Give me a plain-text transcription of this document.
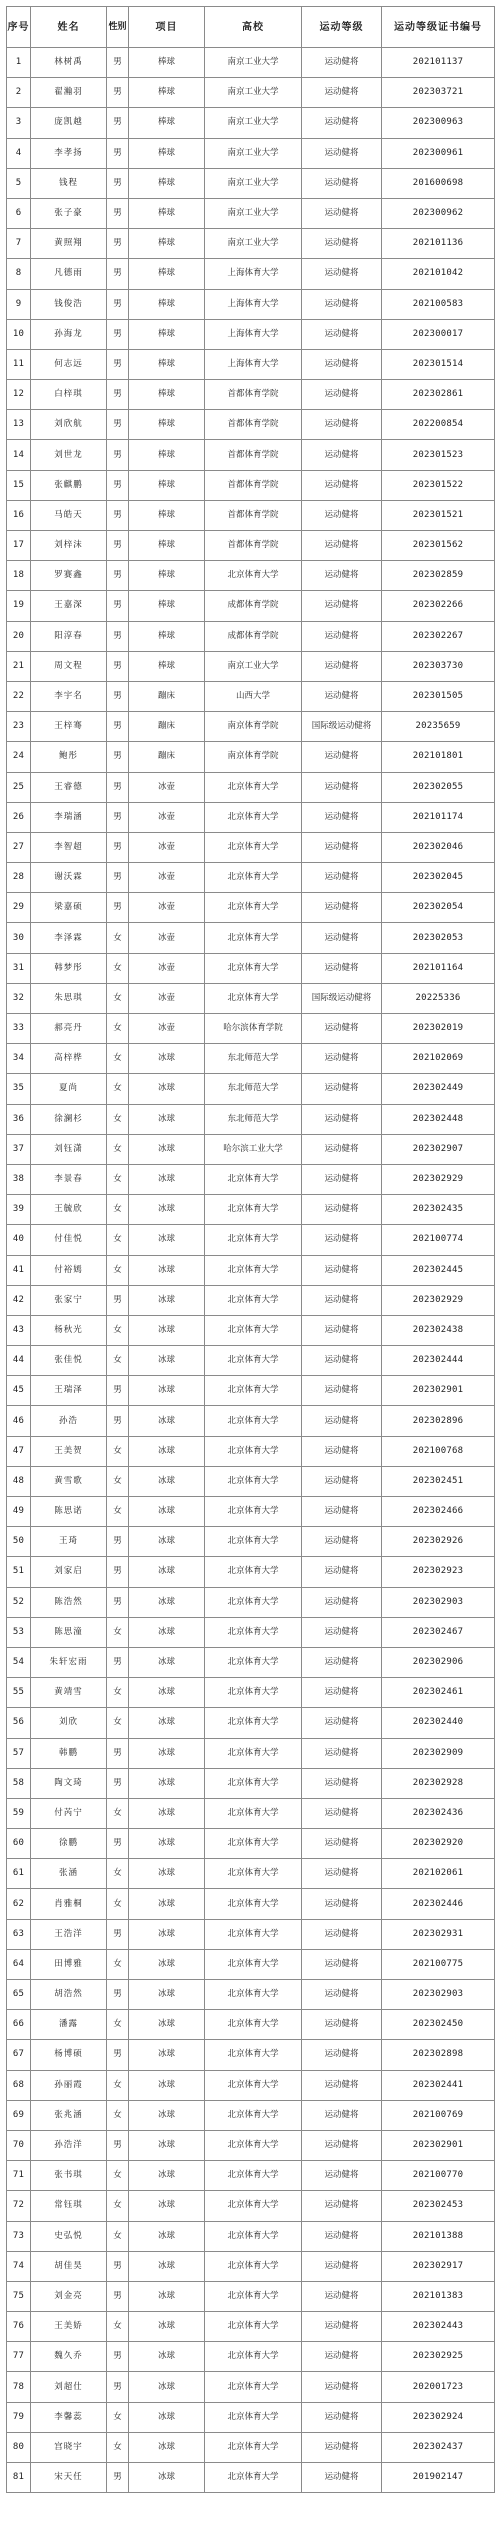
序号	姓名	性别	项目	高校	运动等级	运动等级证书编号
1	林树禹	男	棒球	南京工业大学	运动健将	202101137
2	翟瀚羽	男	棒球	南京工业大学	运动健将	202303721
3	庞凯越	男	棒球	南京工业大学	运动健将	202300963
4	李孝扬	男	棒球	南京工业大学	运动健将	202300961
5	钱程	男	棒球	南京工业大学	运动健将	201600698
6	张子豪	男	棒球	南京工业大学	运动健将	202300962
7	黄照翔	男	棒球	南京工业大学	运动健将	202101136
8	凡德雨	男	棒球	上海体育大学	运动健将	202101042
9	钱俊浩	男	棒球	上海体育大学	运动健将	202100583
10	孙海龙	男	棒球	上海体育大学	运动健将	202300017
11	何志远	男	棒球	上海体育大学	运动健将	202301514
12	白梓琪	男	棒球	首都体育学院	运动健将	202302861
13	刘欣航	男	棒球	首都体育学院	运动健将	202200854
14	刘世龙	男	棒球	首都体育学院	运动健将	202301523
15	张麒鹏	男	棒球	首都体育学院	运动健将	202301522
16	马皓天	男	棒球	首都体育学院	运动健将	202301521
17	刘梓沫	男	棒球	首都体育学院	运动健将	202301562
18	罗赛鑫	男	棒球	北京体育大学	运动健将	202302859
19	王嘉深	男	棒球	成都体育学院	运动健将	202302266
20	阳淳春	男	棒球	成都体育学院	运动健将	202302267
21	周文程	男	棒球	南京工业大学	运动健将	202303730
22	李宇名	男	蹦床	山西大学	运动健将	202301505
23	王梓骞	男	蹦床	南京体育学院	国际级运动健将	20235659
24	鲍彤	男	蹦床	南京体育学院	运动健将	202101801
25	王睿德	男	冰壶	北京体育大学	运动健将	202302055
26	李瑞涵	男	冰壶	北京体育大学	运动健将	202101174
27	李智超	男	冰壶	北京体育大学	运动健将	202302046
28	谢沃霖	男	冰壶	北京体育大学	运动健将	202302045
29	梁嘉硕	男	冰壶	北京体育大学	运动健将	202302054
30	李泽霖	女	冰壶	北京体育大学	运动健将	202302053
31	韩梦彤	女	冰壶	北京体育大学	运动健将	202101164
32	朱思琪	女	冰壶	北京体育大学	国际级运动健将	20225336
33	郝亮丹	女	冰壶	哈尔滨体育学院	运动健将	202302019
34	高梓桦	女	冰球	东北师范大学	运动健将	202102069
35	夏尚	女	冰球	东北师范大学	运动健将	202302449
36	徐澜杉	女	冰球	东北师范大学	运动健将	202302448
37	刘钰潇	女	冰球	哈尔滨工业大学	运动健将	202302907
38	李景春	女	冰球	北京体育大学	运动健将	202302929
39	王毓欣	女	冰球	北京体育大学	运动健将	202302435
40	付佳悦	女	冰球	北京体育大学	运动健将	202100774
41	付裕嫣	女	冰球	北京体育大学	运动健将	202302445
42	张家宁	男	冰球	北京体育大学	运动健将	202302929
43	杨秋光	女	冰球	北京体育大学	运动健将	202302438
44	张佳悦	女	冰球	北京体育大学	运动健将	202302444
45	王瑞泽	男	冰球	北京体育大学	运动健将	202302901
46	孙浩	男	冰球	北京体育大学	运动健将	202302896
47	王美贺	女	冰球	北京体育大学	运动健将	202100768
48	黄雪歌	女	冰球	北京体育大学	运动健将	202302451
49	陈思诺	女	冰球	北京体育大学	运动健将	202302466
50	王琦	男	冰球	北京体育大学	运动健将	202302926
51	刘家启	男	冰球	北京体育大学	运动健将	202302923
52	陈浩然	男	冰球	北京体育大学	运动健将	202302903
53	陈思潼	女	冰球	北京体育大学	运动健将	202302467
54	朱轩宏雨	男	冰球	北京体育大学	运动健将	202302906
55	黄靖雪	女	冰球	北京体育大学	运动健将	202302461
56	刘欣	女	冰球	北京体育大学	运动健将	202302440
57	韩鹏	男	冰球	北京体育大学	运动健将	202302909
58	陶文琦	男	冰球	北京体育大学	运动健将	202302928
59	付芮宁	女	冰球	北京体育大学	运动健将	202302436
60	徐鹏	男	冰球	北京体育大学	运动健将	202302920
61	张涵	女	冰球	北京体育大学	运动健将	202102061
62	肖雅桐	女	冰球	北京体育大学	运动健将	202302446
63	王浩洋	男	冰球	北京体育大学	运动健将	202302931
64	田博雅	女	冰球	北京体育大学	运动健将	202100775
65	胡浩然	男	冰球	北京体育大学	运动健将	202302903
66	潘露	女	冰球	北京体育大学	运动健将	202302450
67	杨博硕	男	冰球	北京体育大学	运动健将	202302898
68	孙丽霞	女	冰球	北京体育大学	运动健将	202302441
69	张兆涵	女	冰球	北京体育大学	运动健将	202100769
70	孙浩洋	男	冰球	北京体育大学	运动健将	202302901
71	张书琪	女	冰球	北京体育大学	运动健将	202100770
72	常钰琪	女	冰球	北京体育大学	运动健将	202302453
73	史弘悦	女	冰球	北京体育大学	运动健将	202101388
74	胡佳昊	男	冰球	北京体育大学	运动健将	202302917
75	刘金亮	男	冰球	北京体育大学	运动健将	202101383
76	王美娇	女	冰球	北京体育大学	运动健将	202302443
77	魏久乔	男	冰球	北京体育大学	运动健将	202302925
78	刘超仕	男	冰球	北京体育大学	运动健将	202001723
79	李馨蕊	女	冰球	北京体育大学	运动健将	202302924
80	宫晓宇	女	冰球	北京体育大学	运动健将	202302437
81	宋天任	男	冰球	北京体育大学	运动健将	201902147
